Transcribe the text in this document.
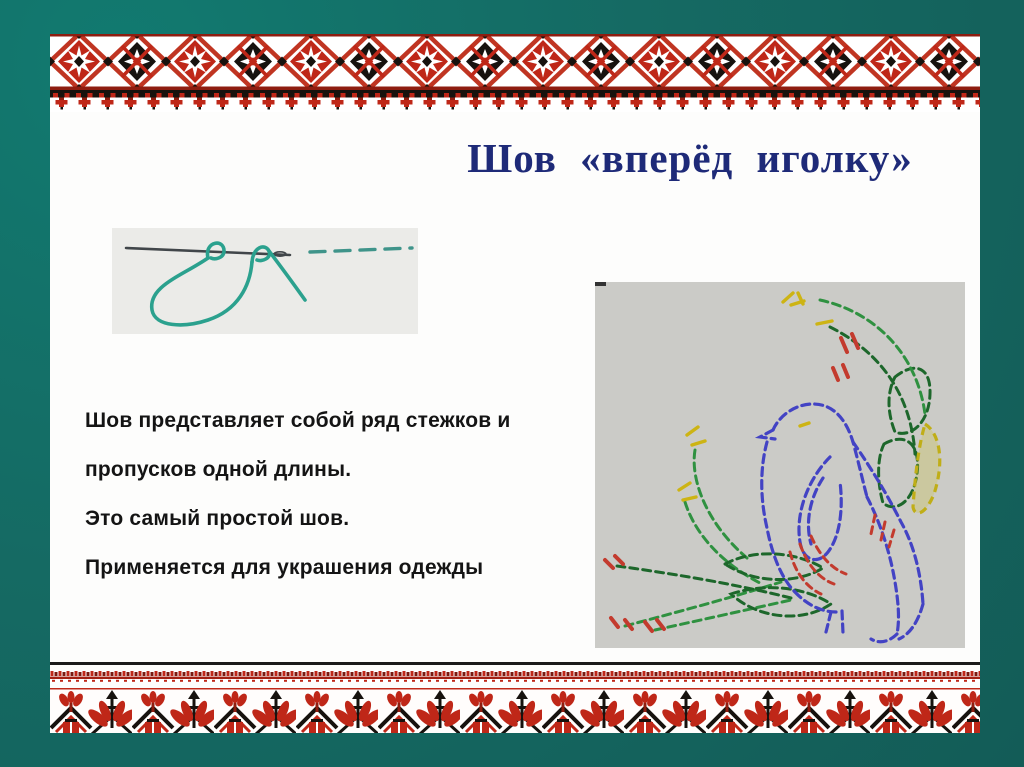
Шов «вперёд иголку»
Шов представляет собой ряд стежков и
пропусков одной длины.
Это самый простой шов.
Применяется для украшения одежды
